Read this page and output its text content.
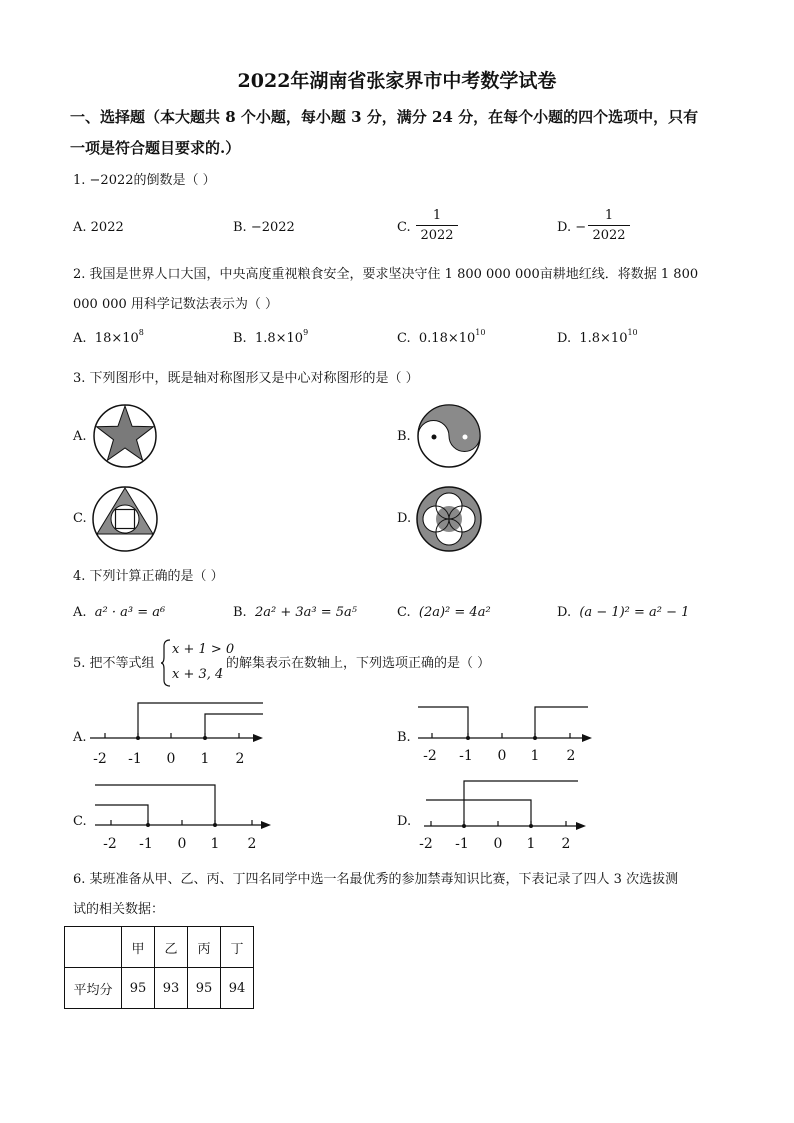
2022年湖南省张家界市中考数学试卷
一、选择题（本大题共 8 个小题，每小题 3 分，满分 24 分，在每个小题的四个选项中，只有
一项是符合题目要求的.）
1. −2022的倒数是（ ）
A. 2022	B. −2022	C. $\frac{1}{2022}$	D. − $\frac{1}{2022}$
2. 我国是世界人口大国，中央高度重视粮食安全，要求坚决守住 1 800 000 000亩耕地红线．将数据 1 800
000 000 用科学记数法表示为（ ）
A. $18\times 10^8$	B. $1.8\times 10^9$	C. $0.18\times 10^{10}$	D. $1.8\times 10^{10}$
3. 下列图形中，既是轴对称图形又是中心对称图形的是（ ）
A.	B.
C.	D.
4. 下列计算正确的是（ ）
A. a² · a³ = a⁶	B. 2a² + 3a³ = 5a⁵	C. (2a)² = 4a²	D. (a − 1)² = a² − 1
5. 把不等式组
x + 1 > 0
x + 3, 4
的解集表示在数轴上，下列选项正确的是（ ）
A.
-2 -1 0 1 2
B.
-2 -1 0 1 2
C.
-2 -1 0 1 2
D.
-2 -1 0 1 2
6. 某班准备从甲、乙、丙、丁四名同学中选一名最优秀的参加禁毒知识比赛，下表记录了四人 3 次选拔测
试的相关数据：
	甲	乙	丙	丁
平均分	95	93	95	94
